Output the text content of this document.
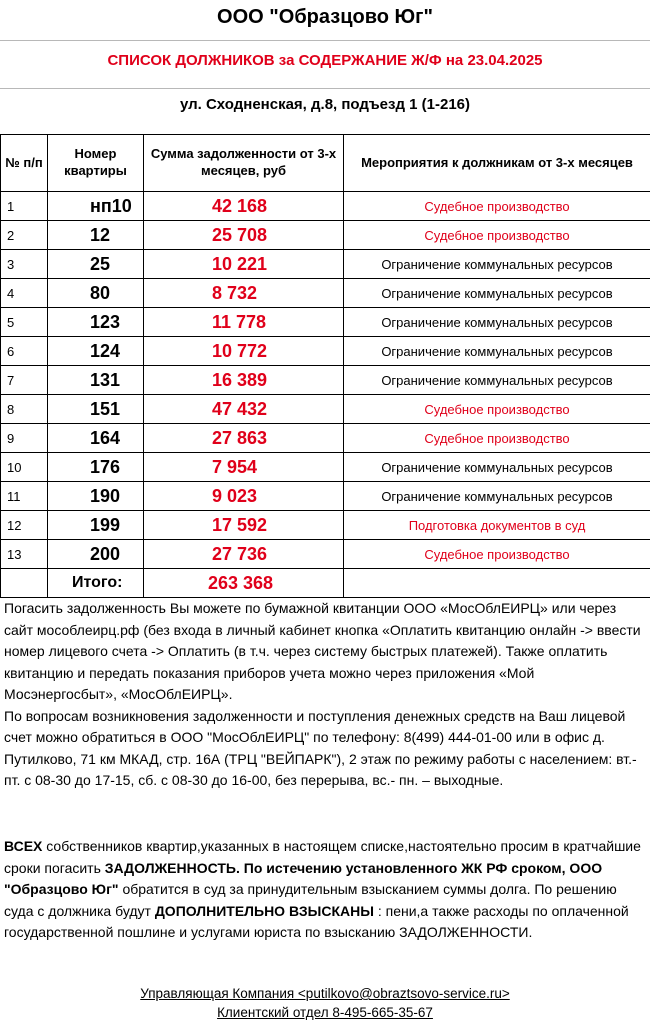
ООО "Образцово Юг"
СПИСОК ДОЛЖНИКОВ за СОДЕРЖАНИЕ Ж/Ф на 23.04.2025
ул. Сходненская, д.8, подъезд 1 (1-216)
№ п/п	Номер квартиры	Сумма задолженности от 3-х месяцев, руб	Мероприятия к должникам от 3-х месяцев
1	нп10	42 168	Судебное производство
2	12	25 708	Судебное производство
3	25	10 221	Ограничение коммунальных ресурсов
4	80	8 732	Ограничение коммунальных ресурсов
5	123	11 778	Ограничение коммунальных ресурсов
6	124	10 772	Ограничение коммунальных ресурсов
7	131	16 389	Ограничение коммунальных ресурсов
8	151	47 432	Судебное производство
9	164	27 863	Судебное производство
10	176	7 954	Ограничение коммунальных ресурсов
11	190	9 023	Ограничение коммунальных ресурсов
12	199	17 592	Подготовка документов в суд
13	200	27 736	Судебное производство
	Итого:	263 368	
Погасить задолженность Вы можете по бумажной квитанции ООО «МосОблЕИРЦ» или через сайт мособлеирц.рф (без входа в личный кабинет кнопка «Оплатить квитанцию онлайн -> ввести номер лицевого счета -> Оплатить (в т.ч. через систему быстрых платежей). Также оплатить квитанцию и передать показания приборов учета можно через приложения «Мой Мосэнергосбыт», «МосОблЕИРЦ».
По вопросам возникновения задолженности и поступления денежных средств на Ваш лицевой счет можно обратиться в ООО "МосОблЕИРЦ" по телефону: 8(499) 444-01-00 или в офис д. Путилково, 71 км МКАД, стр. 16А (ТРЦ "ВЕЙПАРК"), 2 этаж по режиму работы с населением: вт.-пт. с 08-30 до 17-15, сб. с 08-30 до 16-00, без перерыва, вс.- пн. – выходные.
ВСЕХ собственников квартир,указанных в настоящем списке,настоятельно просим в кратчайшие сроки погасить ЗАДОЛЖЕННОСТЬ. По истечению установленного ЖК РФ сроком, ООО "Образцово Юг" обратится в суд за принудительным взысканием суммы долга. По решению суда с должника будут ДОПОЛНИТЕЛЬНО ВЗЫСКАНЫ : пени,а также расходы по оплаченной государственной пошлине и услугами юриста по взысканию ЗАДОЛЖЕННОСТИ.
Управляющая Компания <putilkovo@obraztsovo-service.ru>
Клиентский отдел 8-495-665-35-67
